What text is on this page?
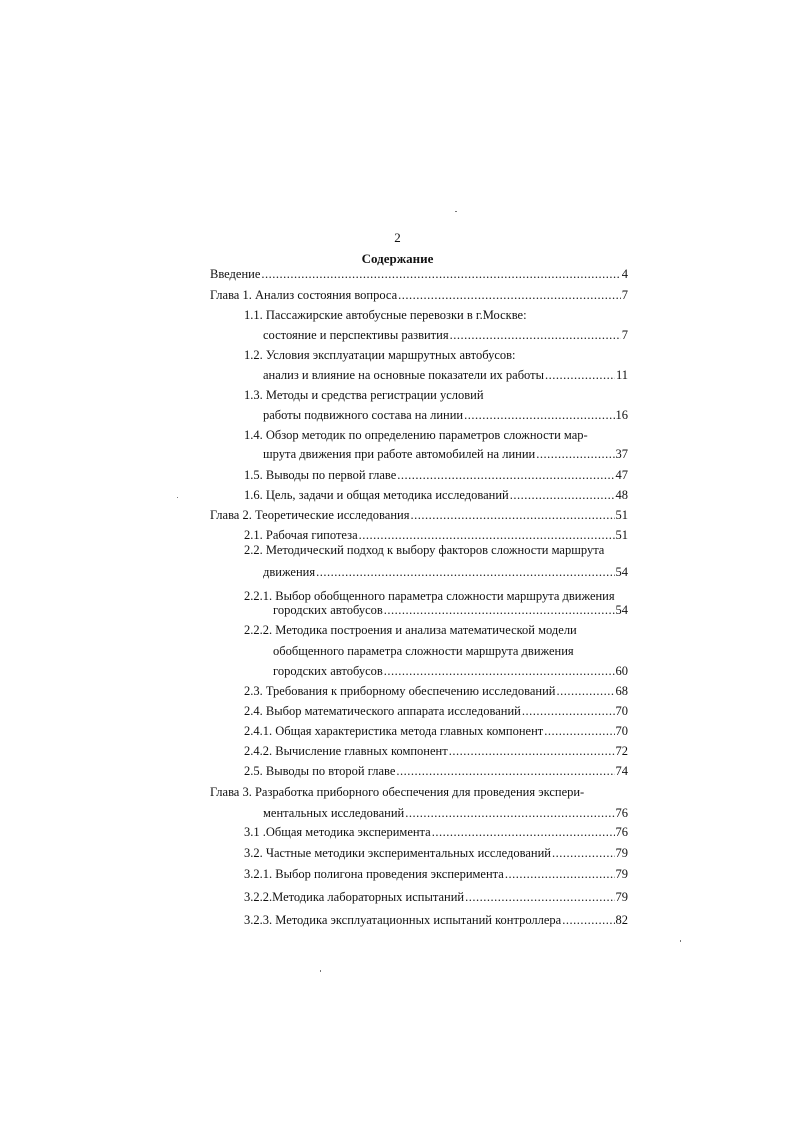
2
Содержание
Введение .....	4
Глава 1. Анализ состояния вопроса .....	7
1.1. Пассажирские автобусные перевозки в г.Москве:
состояние и перспективы развития .....	7
1.2. Условия эксплуатации маршрутных автобусов:
анализ и влияние на основные показатели их работы .....	11
1.3. Методы и средства регистрации условий
работы подвижного состава на линии .....	16
1.4. Обзор методик по определению параметров сложности мар-
шрута движения при работе автомобилей на линии .....	37
1.5. Выводы по первой главе .....	47
1.6. Цель, задачи и общая методика исследований .....	48
Глава 2. Теоретические исследования .....	51
2.1. Рабочая гипотеза .....	51
2.2. Методический подход к выбору факторов сложности маршрута
движения .....	54
2.2.1. Выбор обобщенного параметра сложности маршрута движения
городских автобусов .....	54
2.2.2. Методика построения и анализа математической модели
обобщенного параметра сложности маршрута движения
городских автобусов .....	60
2.3. Требования к приборному обеспечению исследований .....	68
2.4. Выбор математического аппарата исследований .....	70
2.4.1. Общая характеристика метода главных компонент .....	70
2.4.2. Вычисление главных компонент .....	72
2.5. Выводы по второй главе .....	74
Глава 3. Разработка приборного обеспечения для проведения экспери-
ментальных исследований .....	76
3.1 .Общая методика эксперимента .....	76
3.2. Частные методики экспериментальных исследований .....	79
3.2.1. Выбор полигона проведения эксперимента .....	79
3.2.2.Методика лабораторных испытаний .....	79
3.2.3. Методика эксплуатационных испытаний контроллера .....	82
